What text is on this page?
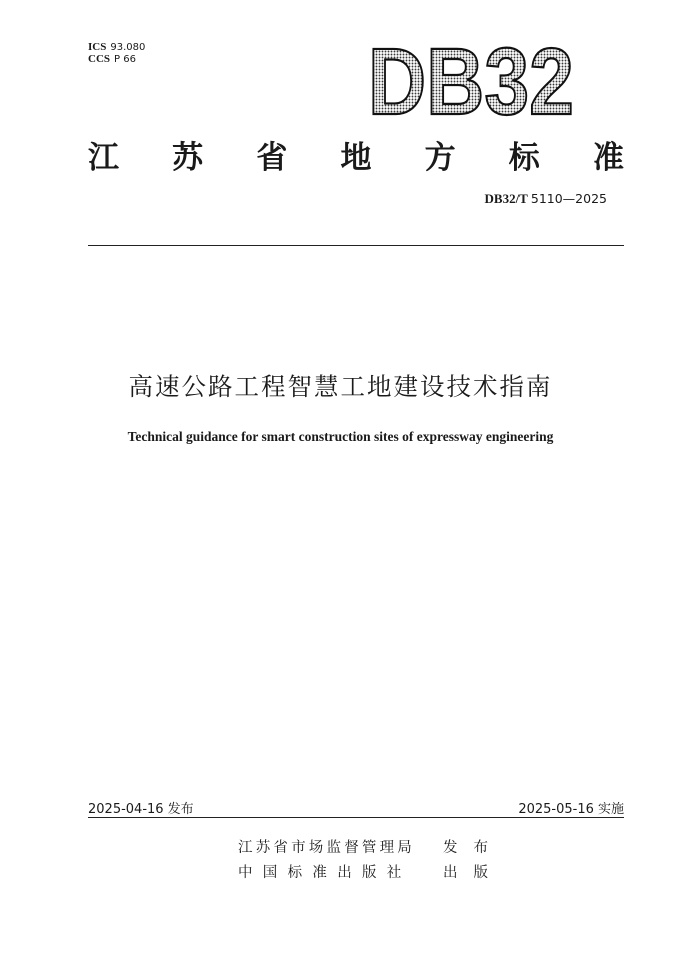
ICS 93.080
CCS P 66 DB32
江 苏 省 地 方 标 准
DB32/T 5110—2025
高速公路工程智慧工地建设技术指南
Technical guidance for smart construction sites of expressway engineering
2025-04-16 发布	2025-05-16 实施
江苏省市场监督管理局 发布
中国标准出版社 出版
